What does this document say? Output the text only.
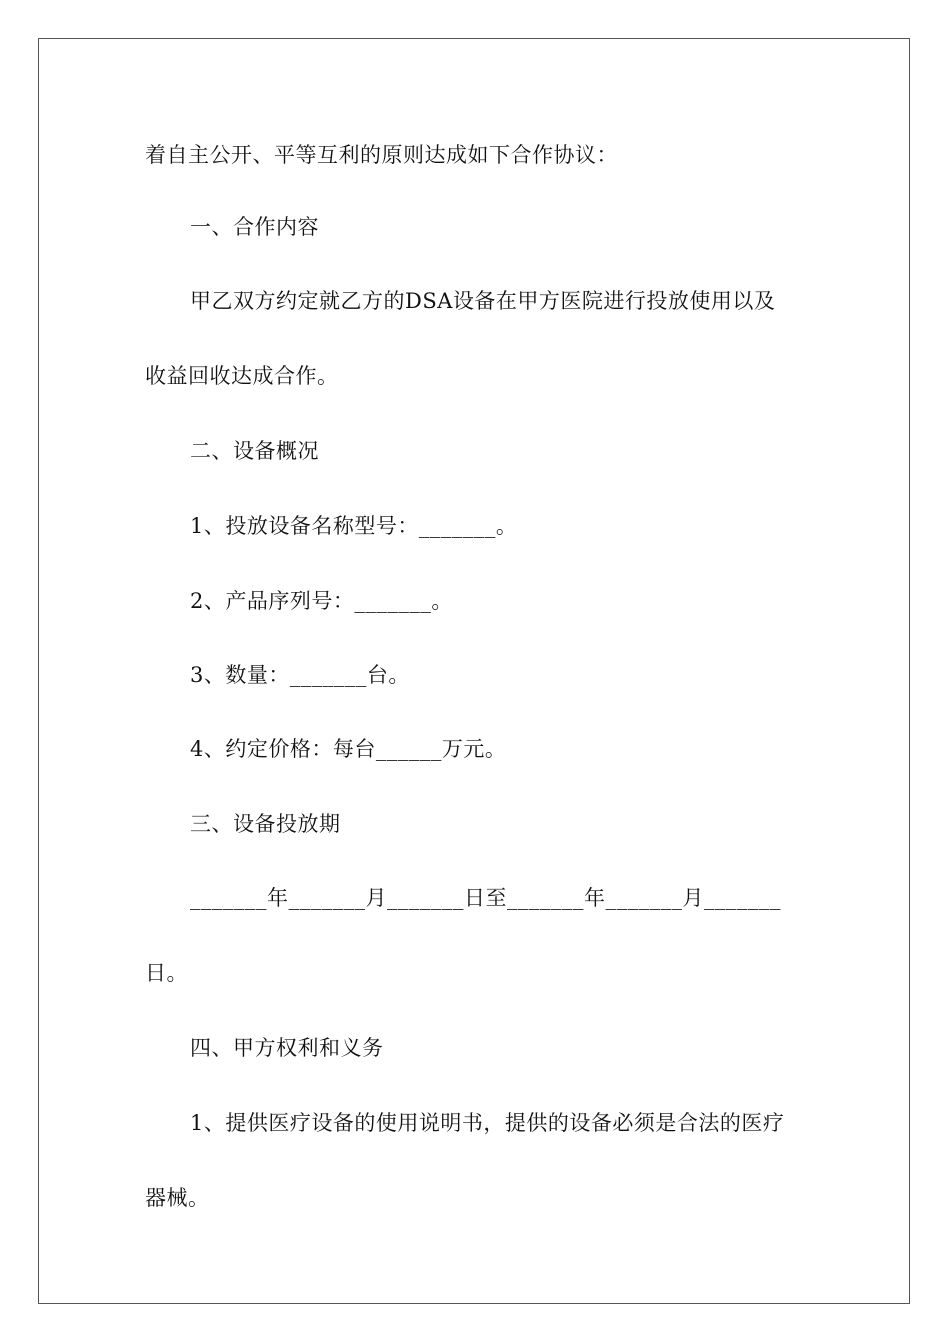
着自主公开、平等互利的原则达成如下合作协议：
一、合作内容
甲乙双方约定就乙方的DSA设备在甲方医院进行投放使用以及
收益回收达成合作。
二、设备概况
1、投放设备名称型号：_______。
2、产品序列号：_______。
3、数量：_______台。
4、约定价格：每台______万元。
三、设备投放期
_______年_______月_______日至_______年_______月_______
日。
四、甲方权利和义务
1、提供医疗设备的使用说明书，提供的设备必须是合法的医疗
器械。
